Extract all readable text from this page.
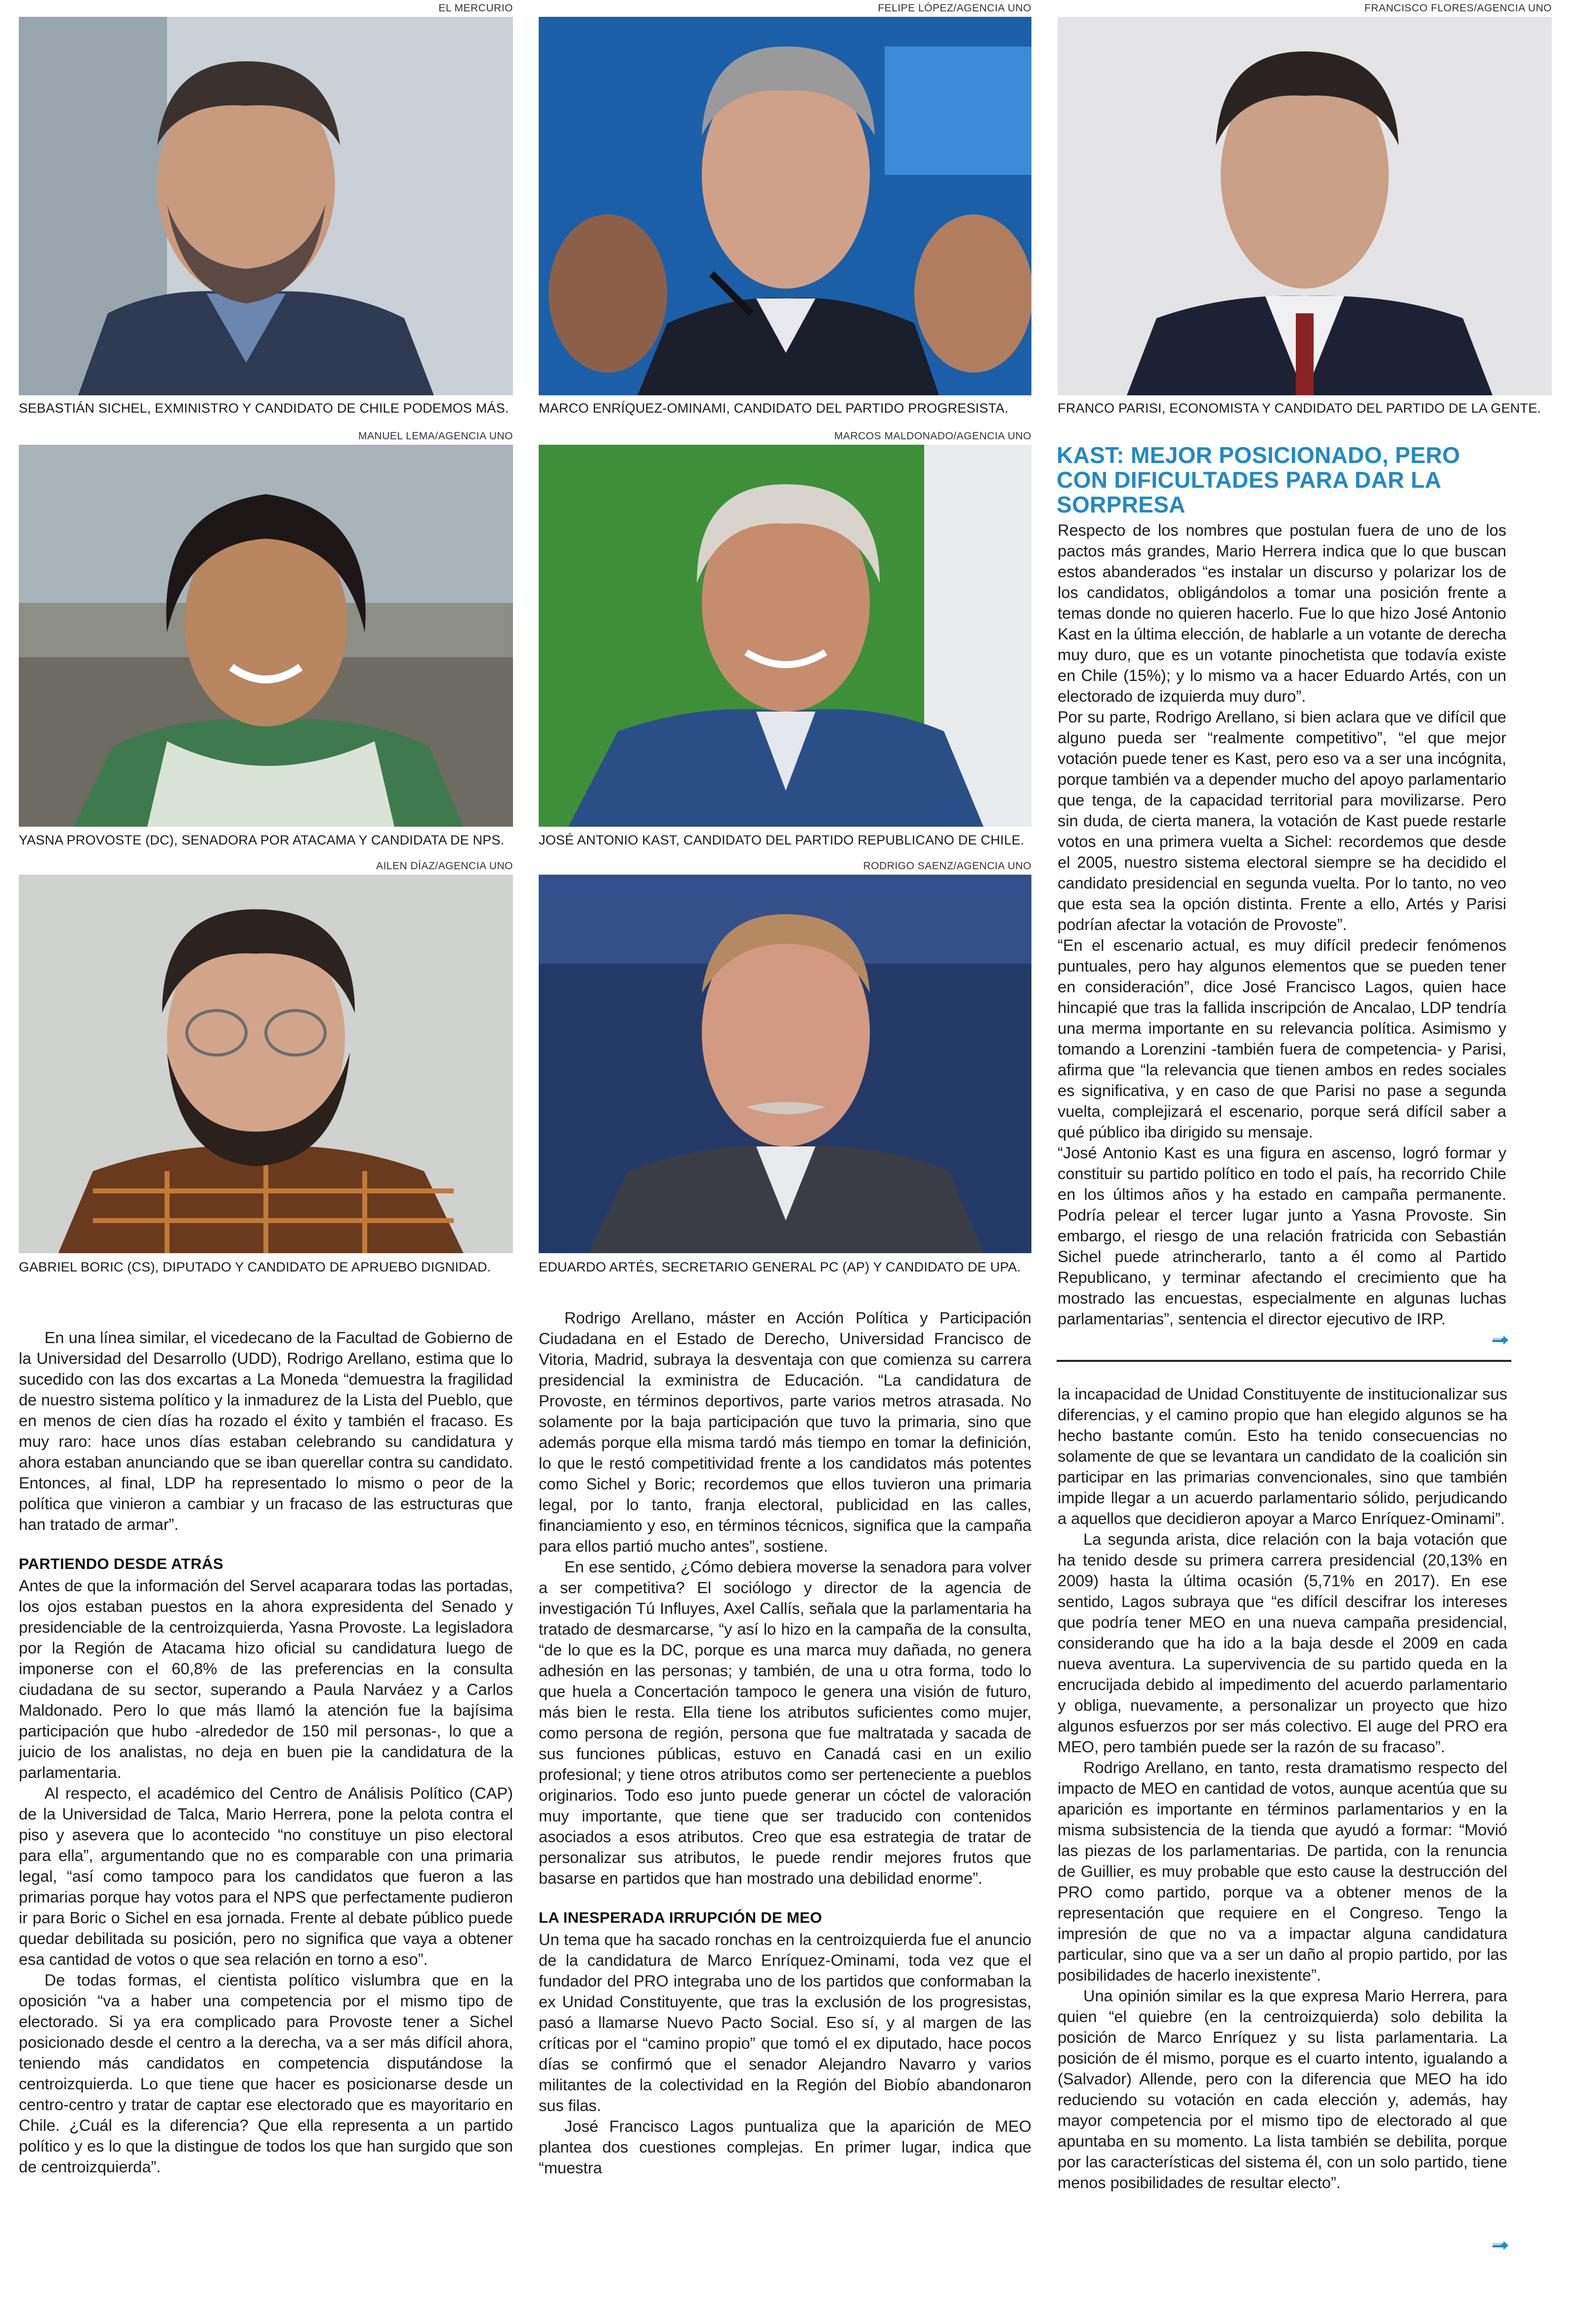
EL MERCURIO
SEBASTIÁN SICHEL, EXMINISTRO Y CANDIDATO DE CHILE PODEMOS MÁS.
FELIPE LÓPEZ/AGENCIA UNO
MARCO ENRÍQUEZ-OMINAMI, CANDIDATO DEL PARTIDO PROGRESISTA.
FRANCISCO FLORES/AGENCIA UNO
FRANCO PARISI, ECONOMISTA Y CANDIDATO DEL PARTIDO DE LA GENTE.
MANUEL LEMA/AGENCIA UNO
YASNA PROVOSTE (DC), SENADORA POR ATACAMA Y CANDIDATA DE NPS.
MARCOS MALDONADO/AGENCIA UNO
JOSÉ ANTONIO KAST, CANDIDATO DEL PARTIDO REPUBLICANO DE CHILE.
AILEN DÍAZ/AGENCIA UNO
GABRIEL BORIC (CS), DIPUTADO Y CANDIDATO DE APRUEBO DIGNIDAD.
RODRIGO SAENZ/AGENCIA UNO
EDUARDO ARTÉS, SECRETARIO GENERAL PC (AP) Y CANDIDATO DE UPA.
KAST: MEJOR POSICIONADO, PERO CON DIFICULTADES PARA DAR LA SORPRESA

Respecto de los nombres que postulan fuera de uno de los pactos más grandes, Mario Herrera indica que lo que buscan estos abanderados “es instalar un discurso y polarizar los de los candidatos, obligándolos a tomar una posición frente a temas donde no quieren hacerlo. Fue lo que hizo José Antonio Kast en la última elección, de hablarle a un votante de derecha muy duro, que es un votante pinochetista que todavía existe en Chile (15%); y lo mismo va a hacer Eduardo Artés, con un electorado de izquierda muy duro”.

Por su parte, Rodrigo Arellano, si bien aclara que ve difícil que alguno pueda ser “realmente competitivo”, “el que mejor votación puede tener es Kast, pero eso va a ser una incógnita, porque también va a depender mucho del apoyo parlamentario que tenga, de la capacidad territorial para movilizarse. Pero sin duda, de cierta manera, la votación de Kast puede restarle votos en una primera vuelta a Sichel: recordemos que desde el 2005, nuestro sistema electoral siempre se ha decidido el candidato presidencial en segunda vuelta. Por lo tanto, no veo que esta sea la opción distinta. Frente a ello, Artés y Parisi podrían afectar la votación de Provoste”.

“En el escenario actual, es muy difícil predecir fenómenos puntuales, pero hay algunos elementos que se pueden tener en consideración”, dice José Francisco Lagos, quien hace hincapié que tras la fallida inscripción de Ancalao, LDP tendría una merma importante en su relevancia política. Asimismo y tomando a Lorenzini -también fuera de competencia- y Parisi, afirma que “la relevancia que tienen ambos en redes sociales es significativa, y en caso de que Parisi no pase a segunda vuelta, complejizará el escenario, porque será difícil saber a qué público iba dirigido su mensaje.

“José Antonio Kast es una figura en ascenso, logró formar y constituir su partido político en todo el país, ha recorrido Chile en los últimos años y ha estado en campaña permanente. Podría pelear el tercer lugar junto a Yasna Provoste. Sin embargo, el riesgo de una relación fratricida con Sebastián Sichel puede atrincherarlo, tanto a él como al Partido Republicano, y terminar afectando el crecimiento que ha mostrado las encuestas, especialmente en algunas luchas parlamentarias”, sentencia el director ejecutivo de IRP.

En una línea similar, el vicedecano de la Facultad de Gobierno de la Universidad del Desarrollo (UDD), Rodrigo Arellano, estima que lo sucedido con las dos excartas a La Moneda “demuestra la fragilidad de nuestro sistema político y la inmadurez de la Lista del Pueblo, que en menos de cien días ha rozado el éxito y también el fracaso. Es muy raro: hace unos días estaban celebrando su candidatura y ahora estaban anunciando que se iban querellar contra su candidato. Entonces, al final, LDP ha representado lo mismo o peor de la política que vinieron a cambiar y un fracaso de las estructuras que han tratado de armar”.

PARTIENDO DESDE ATRÁS

Antes de que la información del Servel acaparara todas las portadas, los ojos estaban puestos en la ahora expresidenta del Senado y presidenciable de la centroizquierda, Yasna Provoste. La legisladora por la Región de Atacama hizo oficial su candidatura luego de imponerse con el 60,8% de las preferencias en la consulta ciudadana de su sector, superando a Paula Narváez y a Carlos Maldonado. Pero lo que más llamó la atención fue la bajísima participación que hubo -alrededor de 150 mil personas-, lo que a juicio de los analistas, no deja en buen pie la candidatura de la parlamentaria.

Al respecto, el académico del Centro de Análisis Político (CAP) de la Universidad de Talca, Mario Herrera, pone la pelota contra el piso y asevera que lo acontecido “no constituye un piso electoral para ella”, argumentando que no es comparable con una primaria legal, “así como tampoco para los candidatos que fueron a las primarias porque hay votos para el NPS que perfectamente pudieron ir para Boric o Sichel en esa jornada. Frente al debate público puede quedar debilitada su posición, pero no significa que vaya a obtener esa cantidad de votos o que sea relación en torno a eso”.

De todas formas, el cientista político vislumbra que en la oposición “va a haber una competencia por el mismo tipo de electorado. Si ya era complicado para Provoste tener a Sichel posicionado desde el centro a la derecha, va a ser más difícil ahora, teniendo más candidatos en competencia disputándose la centroizquierda. Lo que tiene que hacer es posicionarse desde un centro-centro y tratar de captar ese electorado que es mayoritario en Chile. ¿Cuál es la diferencia? Que ella representa a un partido político y es lo que la distingue de todos los que han surgido que son de centroizquierda”.

Rodrigo Arellano, máster en Acción Política y Participación Ciudadana en el Estado de Derecho, Universidad Francisco de Vitoria, Madrid, subraya la desventaja con que comienza su carrera presidencial la exministra de Educación. “La candidatura de Provoste, en términos deportivos, parte varios metros atrasada. No solamente por la baja participación que tuvo la primaria, sino que además porque ella misma tardó más tiempo en tomar la definición, lo que le restó competitividad frente a los candidatos más potentes como Sichel y Boric; recordemos que ellos tuvieron una primaria legal, por lo tanto, franja electoral, publicidad en las calles, financiamiento y eso, en términos técnicos, significa que la campaña para ellos partió mucho antes”, sostiene.

En ese sentido, ¿Cómo debiera moverse la senadora para volver a ser competitiva? El sociólogo y director de la agencia de investigación Tú Influyes, Axel Callís, señala que la parlamentaria ha tratado de desmarcarse, “y así lo hizo en la campaña de la consulta, “de lo que es la DC, porque es una marca muy dañada, no genera adhesión en las personas; y también, de una u otra forma, todo lo que huela a Concertación tampoco le genera una visión de futuro, más bien le resta. Ella tiene los atributos suficientes como mujer, como persona de región, persona que fue maltratada y sacada de sus funciones públicas, estuvo en Canadá casi en un exilio profesional; y tiene otros atributos como ser perteneciente a pueblos originarios. Todo eso junto puede generar un cóctel de valoración muy importante, que tiene que ser traducido con contenidos asociados a esos atributos. Creo que esa estrategia de tratar de personalizar sus atributos, le puede rendir mejores frutos que basarse en partidos que han mostrado una debilidad enorme”.

LA INESPERADA IRRUPCIÓN DE MEO

Un tema que ha sacado ronchas en la centroizquierda fue el anuncio de la candidatura de Marco Enríquez-Ominami, toda vez que el fundador del PRO integraba uno de los partidos que conformaban la ex Unidad Constituyente, que tras la exclusión de los progresistas, pasó a llamarse Nuevo Pacto Social. Eso sí, y al margen de las críticas por el “camino propio” que tomó el ex diputado, hace pocos días se confirmó que el senador Alejandro Navarro y varios militantes de la colectividad en la Región del Biobío abandonaron sus filas.

José Francisco Lagos puntualiza que la aparición de MEO plantea dos cuestiones complejas. En primer lugar, indica que “muestra

la incapacidad de Unidad Constituyente de institucionalizar sus diferencias, y el camino propio que han elegido algunos se ha hecho bastante común. Esto ha tenido consecuencias no solamente de que se levantara un candidato de la coalición sin participar en las primarias convencionales, sino que también impide llegar a un acuerdo parlamentario sólido, perjudicando a aquellos que decidieron apoyar a Marco Enríquez-Ominami”.

La segunda arista, dice relación con la baja votación que ha tenido desde su primera carrera presidencial (20,13% en 2009) hasta la última ocasión (5,71% en 2017). En ese sentido, Lagos subraya que “es difícil descifrar los intereses que podría tener MEO en una nueva campaña presidencial, considerando que ha ido a la baja desde el 2009 en cada nueva aventura. La supervivencia de su partido queda en la encrucijada debido al impedimento del acuerdo parlamentario y obliga, nuevamente, a personalizar un proyecto que hizo algunos esfuerzos por ser más colectivo. El auge del PRO era MEO, pero también puede ser la razón de su fracaso”.

Rodrigo Arellano, en tanto, resta dramatismo respecto del impacto de MEO en cantidad de votos, aunque acentúa que su aparición es importante en términos parlamentarios y en la misma subsistencia de la tienda que ayudó a formar: “Movió las piezas de los parlamentarias. De partida, con la renuncia de Guillier, es muy probable que esto cause la destrucción del PRO como partido, porque va a obtener menos de la representación que requiere en el Congreso. Tengo la impresión de que no va a impactar alguna candidatura particular, sino que va a ser un daño al propio partido, por las posibilidades de hacerlo inexistente”.

Una opinión similar es la que expresa Mario Herrera, para quien “el quiebre (en la centroizquierda) solo debilita la posición de Marco Enríquez y su lista parlamentaria. La posición de él mismo, porque es el cuarto intento, igualando a (Salvador) Allende, pero con la diferencia que MEO ha ido reduciendo su votación en cada elección y, además, hay mayor competencia por el mismo tipo de electorado al que apuntaba en su momento. La lista también se debilita, porque por las características del sistema él, con un solo partido, tiene menos posibilidades de resultar electo”.
